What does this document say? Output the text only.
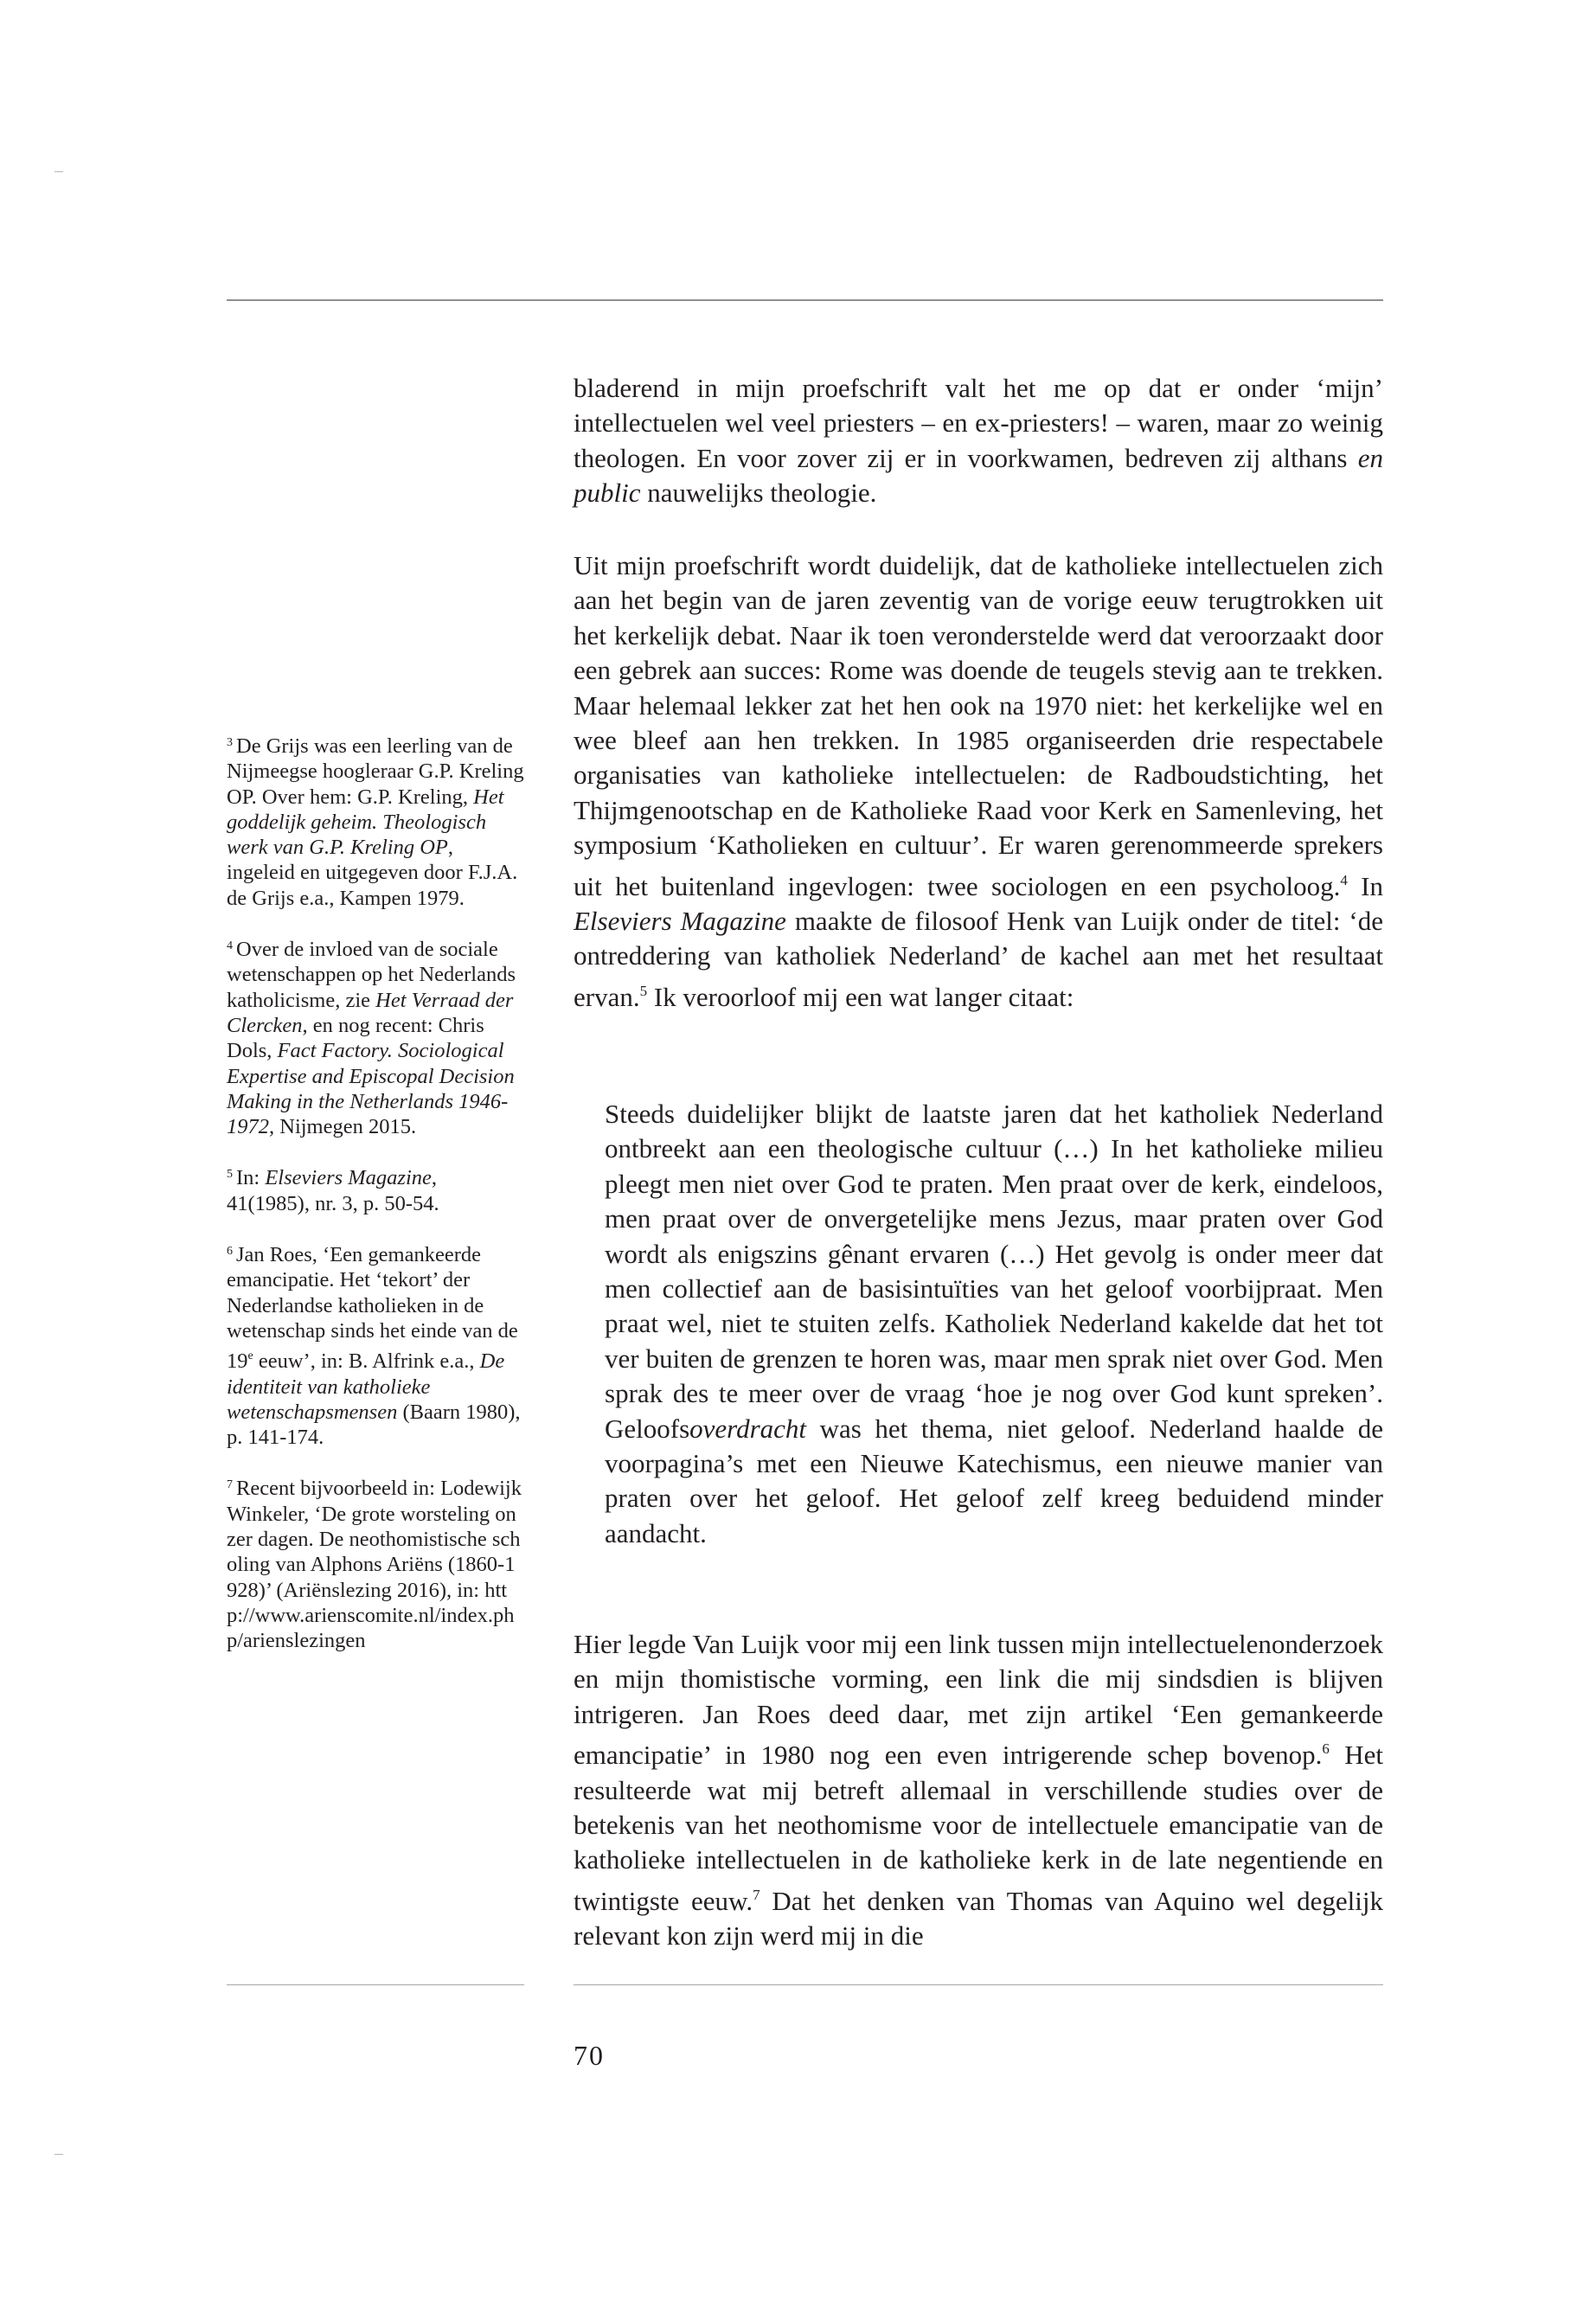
bladerend in mijn proefschrift valt het me op dat er onder ‘mijn’ intellectuelen wel veel priesters – en ex-priesters! – waren, maar zo weinig theologen. En voor zover zij er in voorkwamen, bedreven zij althans en public nauwelijks theologie.

Uit mijn proefschrift wordt duidelijk, dat de katholieke intellectuelen zich aan het begin van de jaren zeventig van de vorige eeuw terugtrokken uit het kerkelijk debat. Naar ik toen veronderstelde werd dat veroorzaakt door een gebrek aan succes: Rome was doende de teugels stevig aan te trekken. Maar helemaal lekker zat het hen ook na 1970 niet: het kerkelijke wel en wee bleef aan hen trekken. In 1985 organiseerden drie respectabele organisaties van katholieke intellectuelen: de Radboudstichting, het Thijmgenootschap en de Katholieke Raad voor Kerk en Samenleving, het symposium ‘Katholieken en cultuur’. Er waren gerenommeerde sprekers uit het buitenland ingevlogen: twee sociologen en een psycholoog.$^4$ In Elseviers Magazine maakte de filosoof Henk van Luijk onder de titel: ‘de ontreddering van katholiek Nederland’ de kachel aan met het resultaat ervan.$^5$ Ik veroorloof mij een wat langer citaat:

Steeds duidelijker blijkt de laatste jaren dat het katholiek Nederland ontbreekt aan een theologische cultuur (…) In het katholieke milieu pleegt men niet over God te praten. Men praat over de kerk, eindeloos, men praat over de onvergetelijke mens Jezus, maar praten over God wordt als enigszins gênant ervaren (…) Het gevolg is onder meer dat men collectief aan de basisintuïties van het geloof voorbijpraat. Men praat wel, niet te stuiten zelfs. Katholiek Nederland kakelde dat het tot ver buiten de grenzen te horen was, maar men sprak niet over God. Men sprak des te meer over de vraag ‘hoe je nog over God kunt spreken’. Geloofsoverdracht was het thema, niet geloof. Nederland haalde de voorpagina’s met een Nieuwe Katechismus, een nieuwe manier van praten over het geloof. Het geloof zelf kreeg beduidend minder aandacht.

Hier legde Van Luijk voor mij een link tussen mijn intellectuelenonderzoek en mijn thomistische vorming, een link die mij sindsdien is blijven intrigeren. Jan Roes deed daar, met zijn artikel ‘Een gemankeerde emancipatie’ in 1980 nog een even intrigerende schep bovenop.$^6$ Het resulteerde wat mij betreft allemaal in verschillende studies over de betekenis van het neothomisme voor de intellectuele emancipatie van de katholieke intellectuelen in de katholieke kerk in de late negentiende en twintigste eeuw.$^7$ Dat het denken van Thomas van Aquino wel degelijk relevant kon zijn werd mij in die

$^3$ De Grijs was een leerling van de Nijmeegse hoogleraar G.P. Kreling OP. Over hem: G.P. Kreling, Het goddelijk geheim. Theologisch werk van G.P. Kreling OP, ingeleid en uitgegeven door F.J.A. de Grijs e.a., Kampen 1979.

$^4$ Over de invloed van de sociale wetenschappen op het Nederlands katholicisme, zie Het Verraad der Clercken, en nog recent: Chris Dols, Fact Factory. Sociological Expertise and Episcopal Decision Making in the Netherlands 1946-1972, Nijmegen 2015.

$^5$ In: Elseviers Magazine, 41(1985), nr. 3, p. 50-54.

$^6$ Jan Roes, ‘Een gemankeerde emancipatie. Het ‘tekort’ der Nederlandse katholieken in de wetenschap sinds het einde van de 19e eeuw’, in: B. Alfrink e.a., De identiteit van katholieke wetenschapsmensen (Baarn 1980), p. 141-174.

$^7$ Recent bijvoorbeeld in: Lodewijk Winkeler, ‘De grote worsteling onzer dagen. De neothomistische scholing van Alphons Ariëns (1860-1928)’ (Ariënslezing 2016), in: http://www.arienscomite.nl/index.php/arienslezingen

70
